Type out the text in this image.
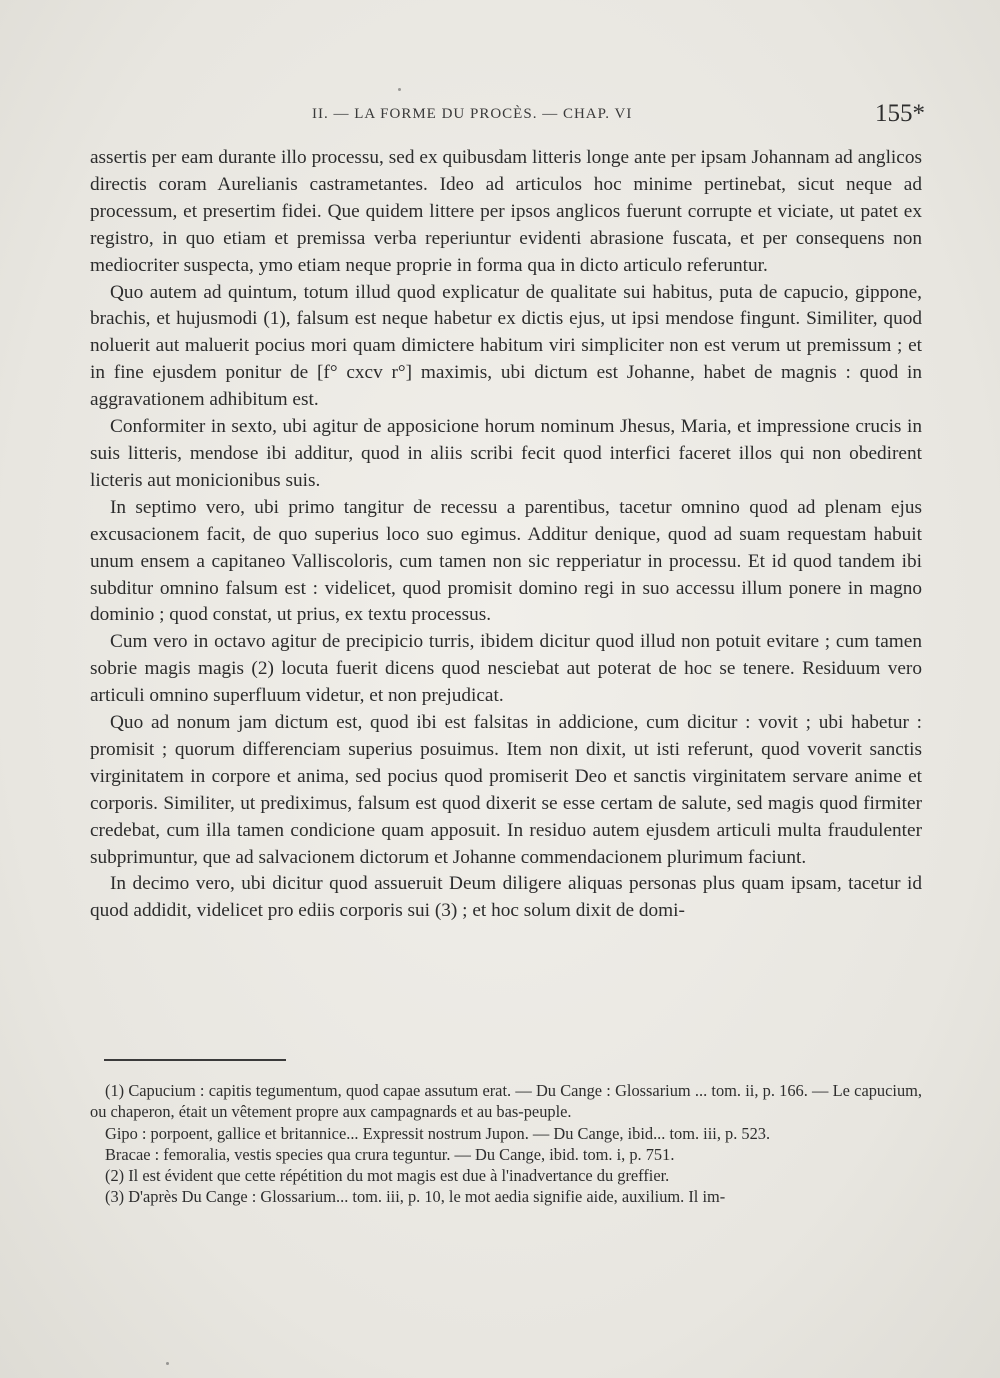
II. — LA FORME DU PROCÈS. — CHAP. VI	155*

assertis per eam durante illo processu, sed ex quibusdam litteris longe ante per ipsam Johannam ad anglicos directis coram Aurelianis castrametantes. Ideo ad articulos hoc minime pertinebat, sicut neque ad processum, et presertim fidei. Que quidem littere per ipsos anglicos fuerunt corrupte et viciate, ut patet ex registro, in quo etiam et premissa verba reperiuntur evidenti abrasione fuscata, et per consequens non mediocriter suspecta, ymo etiam neque proprie in forma qua in dicto articulo referuntur.

Quo autem ad quintum, totum illud quod explicatur de qualitate sui habitus, puta de capucio, gippone, brachis, et hujusmodi (1), falsum est neque habetur ex dictis ejus, ut ipsi mendose fingunt. Similiter, quod noluerit aut maluerit pocius mori quam dimictere habitum viri simpliciter non est verum ut premissum ; et in fine ejusdem ponitur de [f° cxcv r°] maximis, ubi dictum est Johanne, habet de magnis : quod in aggravationem adhibitum est.

Conformiter in sexto, ubi agitur de apposicione horum nominum Jhesus, Maria, et impressione crucis in suis litteris, mendose ibi additur, quod in aliis scribi fecit quod interfici faceret illos qui non obedirent licteris aut monicionibus suis.

In septimo vero, ubi primo tangitur de recessu a parentibus, tacetur omnino quod ad plenam ejus excusacionem facit, de quo superius loco suo egimus. Additur denique, quod ad suam requestam habuit unum ensem a capitaneo Valliscoloris, cum tamen non sic repperiatur in processu. Et id quod tandem ibi subditur omnino falsum est : videlicet, quod promisit domino regi in suo accessu illum ponere in magno dominio ; quod constat, ut prius, ex textu processus.

Cum vero in octavo agitur de precipicio turris, ibidem dicitur quod illud non potuit evitare ; cum tamen sobrie magis magis (2) locuta fuerit dicens quod nesciebat aut poterat de hoc se tenere. Residuum vero articuli omnino superfluum videtur, et non prejudicat.

Quo ad nonum jam dictum est, quod ibi est falsitas in addicione, cum dicitur : vovit ; ubi habetur : promisit ; quorum differenciam superius posuimus. Item non dixit, ut isti referunt, quod voverit sanctis virginitatem in corpore et anima, sed pocius quod promiserit Deo et sanctis virginitatem servare anime et corporis. Similiter, ut prediximus, falsum est quod dixerit se esse certam de salute, sed magis quod firmiter credebat, cum illa tamen condicione quam apposuit. In residuo autem ejusdem articuli multa fraudulenter subprimuntur, que ad salvacionem dictorum et Johanne commendacionem plurimum faciunt.

In decimo vero, ubi dicitur quod assueruit Deum diligere aliquas personas plus quam ipsam, tacetur id quod addidit, videlicet pro ediis corporis sui (3) ; et hoc solum dixit de domi-

(1) Capucium : capitis tegumentum, quod capae assutum erat. — Du Cange : Glossarium ... tom. ii, p. 166. — Le capucium, ou chaperon, était un vêtement propre aux campagnards et au bas-peuple.

Gipo : porpoent, gallice et britannice... Expressit nostrum Jupon. — Du Cange, ibid... tom. iii, p. 523.

Bracae : femoralia, vestis species qua crura teguntur. — Du Cange, ibid. tom. i, p. 751.

(2) Il est évident que cette répétition du mot magis est due à l'inadvertance du greffier.

(3) D'après Du Cange : Glossarium... tom. iii, p. 10, le mot aedia signifie aide, auxilium. Il im-
